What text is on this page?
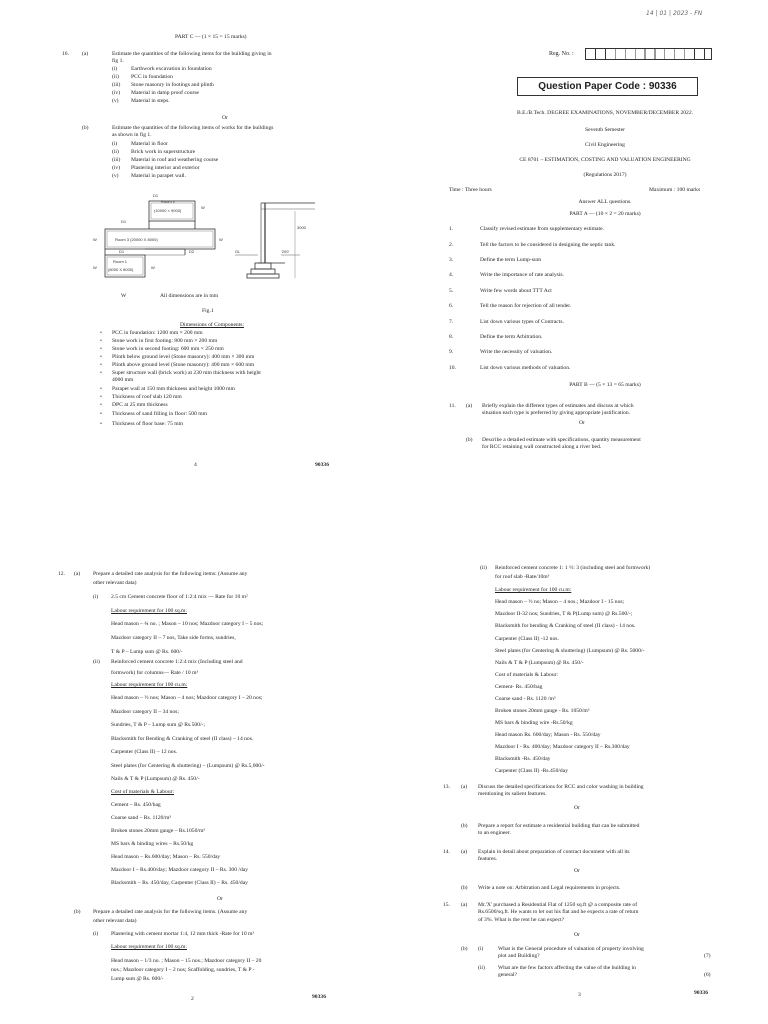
PART C — (1 × 15 = 15 marks)
16. (a)	Estimate the quantities of the following items for the building giving in
fig 1.
(i) Earthwork excavation in foundation
(ii) PCC in foundation
(iii) Stone masonry in footings and plinth
(iv) Material in damp proof course
(v) Material in steps.
Or
(b)	Estimate the quantities of the following items of works for the buildings
as shown in fig 1.
(i) Material in floor
(ii) Brick work in superstructure
(iii) Material in roof and weathering course
(iv) Plastering interior and exterior
(v) Material in parapet wall.
Room 2
(10000 × 9000)
D1
D1
W
Room 3 (20000 X 8000)
W	W
D2
D1
Room 1
(6000 X 8000)
W	W
3000
GL	'200'
W	All dimensions are in mm
Fig.1
Dimensions of Components:
• PCC in foundation: 1200 mm × 200 mm
• Stone work in first footing: 800 mm × 200 mm
• Stone work in second footing: 600 mm × 250 mm
• Plinth below ground level (Stone masonry): 400 mm × 300 mm
• Plinth above ground level (Stone masonry): 400 mm × 600 mm
• Super structure wall (brick work) at 230 mm thickness with height
4000 mm
• Parapet wall at 150 mm thickness and height 1000 mm
• Thickness of roof slab 120 mm
• DPC at 25 mm thickness
• Thickness of sand filling in floor: 500 mm
• Thickness of floor base: 75 mm
4	90336
14 | 01 | 2023 - FN
Reg. No. :
Question Paper Code : 90336
B.E./B.Tech. DEGREE EXAMINATIONS, NOVEMBER/DECEMBER 2022.
Seventh Semester
Civil Engineering
CE 8701 – ESTIMATION, COSTING AND VALUATION ENGINEERING
(Regulations 2017)
Time : Three hours	Maximum : 100 marks
Answer ALL questions.
PART A — (10 × 2 = 20 marks)
1.	Classify revised estimate from supplementary estimate.
2.	Tell the factors to be considered in designing the septic tank.
3.	Define the term Lump-sum
4.	Write the importance of rate analysis.
5.	Write few words about TTT Act
6.	Tell the reason for rejection of all tender.
7.	List down various types of Contracts.
8.	Define the term Arbitration.
9.	Write the necessity of valuation.
10.	List down various methods of valuation.
PART B — (5 × 13 = 65 marks)
11. (a) Briefly explain the different types of estimates and discuss at which
situation each type is preferred by giving appropriate justification.
Or
(b) Describe a detailed estimate with specifications, quantity measurement
for RCC retaining wall constructed along a river bed.
12. (a) Prepare a detailed rate analysis for the following items: (Assume any
other relevant data)
(i) 2.5 cm Cement concrete floor of 1:2:4 mix — Rate for 10 m²
Labour requirement for 100 sq.m:
Head mason – ¾ no. ; Mason – 10 nos; Mazdoor category I – 5 nos;
Mazdoor category II – 7 nos, Take side forms, sundries,
T & P – Lump sum @ Rs. 600/-
(ii) Reinforced cement concrete 1:2:4 mix (Including steel and
formwork) for columns— Rate / 10 m³
Labour requirement for 100 cu.m:
Head mason – ½ nos; Mason – 4 nos; Mazdoor category I – 20 nos;
Mazdoor category II – 34 nos;
Sundries, T & P – Lump sum @ Rs.500/-;
Blacksmith for Bending & Cranking of steel (II class) – 14 nos.
Carpenter (Class II) – 12 nos.
Steel plates (for Centering & shuttering) – (Lumpsum) @ Rs.5,000/-
Nails & T & P (Lumpsum) @ Rs. 450/-
Cost of materials & Labour:
Cement – Rs. 450/bag
Coarse sand – Rs. 1120/m³
Broken stones 20mm gauge – Rs.1050/m³
MS bars & binding wires – Rs.50/kg
Head mason – Rs.600/day; Mason – Rs. 550/day
Mazdoor I – Rs.400/day; Mazdoor category II – Rs. 300 /day
Blacksmith – Rs. 450/day, Carpenter (Class II) – Rs. 450/day
Or
(b) Prepare a detailed rate analysis for the following items. (Assume any
other relevant data)
(i) Plastering with cement mortar 1:4, 12 mm thick -Rate for 10 m²
Labour requirement for 100 sq.m:
Head mason – 1/3 no. ; Mason – 15 nos.; Mazdoor category II – 20
nos.; Mazdoor category I – 2 nos; Scaffolding, sundries, T & P -
Lump sum @ Rs. 600/-
2	90336
(ii) Reinforced cement concrete 1: 1 ½: 3 (including steel and formwork)
for roof slab -Rate/10m³
Labour requirement for 100 cu.m:
Head mason – ½ no; Mason – 4 nos.; Mazdoor I - 15 nos;
Mazdoor II-32 nos; Sundries, T & P(Lump sum) @ Rs.500/-;
Blacksmith for bending & Cranking of steel (II class) - 14 nos.
Carpenter (Class II) -12 nos.
Steel plates (for Centering & shuttering) (Lumpsum) @ Rs. 5000/-
Nails & T & P (Lumpsum) @ Rs. 450/-
Cost of materials & Labour:
Cement- Rs. 450/bag
Coarse sand - Rs. 1120 /m³
Broken stones 20mm gauge - Rs. 1050/m³
MS bars & binding wire -Rs.50/kg
Head mason Rs. 600/day; Mason - Rs. 550/day
Mazdoor I - Rs. 400/day; Mazdoor category II – Rs.300/day
Blacksmith -Rs. 450/day
Carpenter (Class II) -Rs.450/day
13. (a) Discuss the detailed specifications for RCC and color washing in building
mentioning its salient features.
Or
(b) Prepare a report for estimate a residential building that can be submitted
to an engineer.
14. (a) Explain in detail about preparation of contract document with all its
features.
Or
(b) Write a note on: Arbitration and Legal requirements in projects.
15. (a) Mr.'X' purchased a Residential Flat of 1250 sq.ft @ a composite rate of
Rs.6500/sq.ft. He wants to let out his flat and he expects a rate of return
of 3%. What is the rent he can expect?
Or
(b) (i)	What is the General procedure of valuation of property involving
plot and Building?	(7)
(ii) What are the few factors affecting the value of the building in
general?	(6)
3	90336
